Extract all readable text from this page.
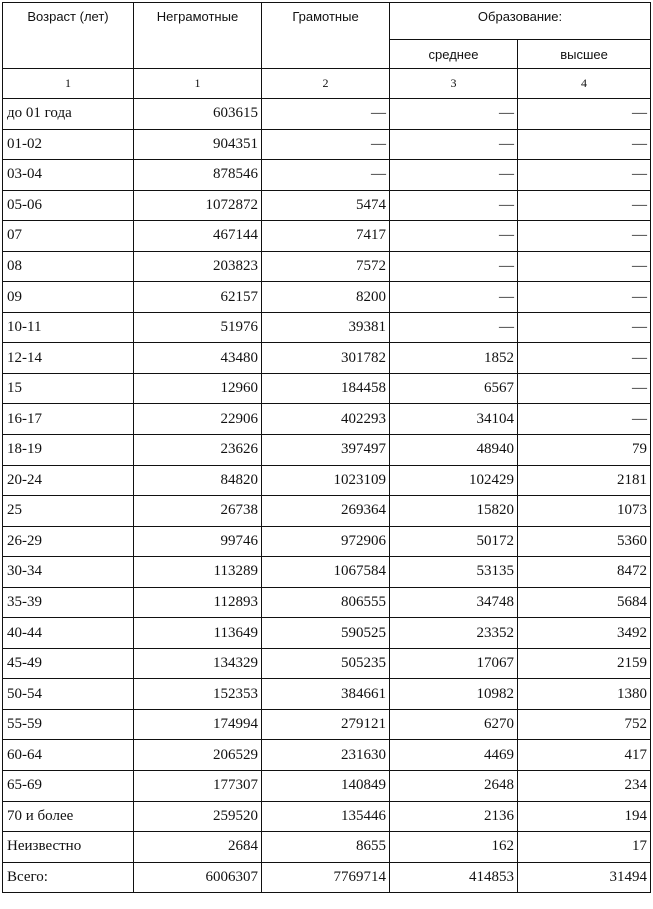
Возраст (лет)	Неграмотные	Грамотные	Образование:	
			среднее	высшее
1	1	2	3	4
до 01 года	603615	—	—	—
01-02	904351	—	—	—
03-04	878546	—	—	—
05-06	1072872	5474	—	—
07	467144	7417	—	—
08	203823	7572	—	—
09	62157	8200	—	—
10-11	51976	39381	—	—
12-14	43480	301782	1852	—
15	12960	184458	6567	—
16-17	22906	402293	34104	—
18-19	23626	397497	48940	79
20-24	84820	1023109	102429	2181
25	26738	269364	15820	1073
26-29	99746	972906	50172	5360
30-34	113289	1067584	53135	8472
35-39	112893	806555	34748	5684
40-44	113649	590525	23352	3492
45-49	134329	505235	17067	2159
50-54	152353	384661	10982	1380
55-59	174994	279121	6270	752
60-64	206529	231630	4469	417
65-69	177307	140849	2648	234
70 и более	259520	135446	2136	194
Неизвестно	2684	8655	162	17
Всего:	6006307	7769714	414853	31494
